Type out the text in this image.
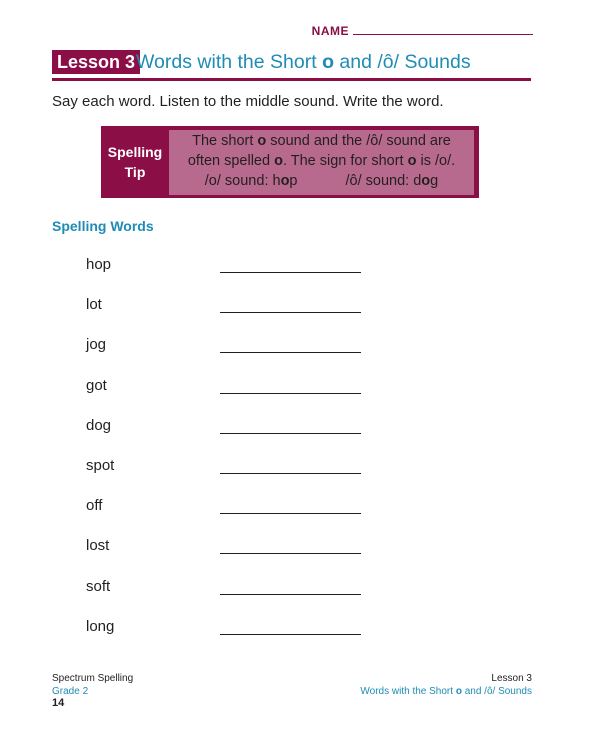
NAME
Lesson 3 Words with the Short o and /ô/ Sounds
Say each word. Listen to the middle sound. Write the word.
Spelling
Tip
The short o sound and the /ô/ sound are
often spelled o. The sign for short o is /o/.
/o/ sound: hop	/ô/ sound: dog
Spelling Words
hop
lot
jog
got
dog
spot
off
lost
soft
long
Spectrum Spelling
Grade 2
14
Lesson 3
Words with the Short o and /ô/ Sounds
